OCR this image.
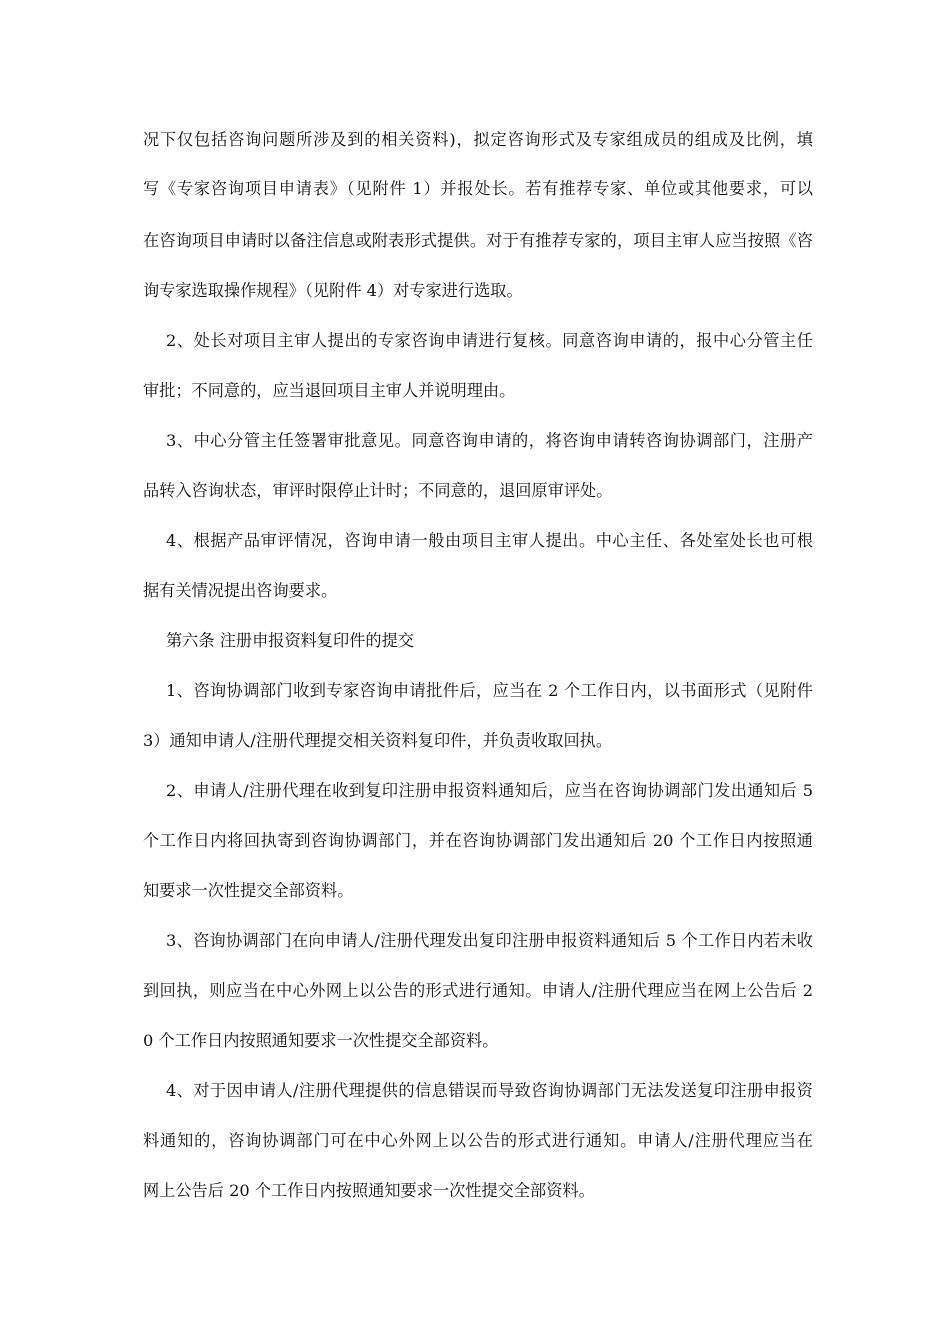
况下仅包括咨询问题所涉及到的相关资料)，拟定咨询形式及专家组成员的组成及比例，填
写《专家咨询项目申请表》（见附件 1）并报处长。若有推荐专家、单位或其他要求，可以
在咨询项目申请时以备注信息或附表形式提供。对于有推荐专家的，项目主审人应当按照《咨
询专家选取操作规程》（见附件 4）对专家进行选取。
2、处长对项目主审人提出的专家咨询申请进行复核。同意咨询申请的，报中心分管主任
审批；不同意的，应当退回项目主审人并说明理由。
3、中心分管主任签署审批意见。同意咨询申请的，将咨询申请转咨询协调部门，注册产
品转入咨询状态，审评时限停止计时；不同意的，退回原审评处。
4、根据产品审评情况，咨询申请一般由项目主审人提出。中心主任、各处室处长也可根
据有关情况提出咨询要求。
第六条 注册申报资料复印件的提交
1、咨询协调部门收到专家咨询申请批件后，应当在 2 个工作日内，以书面形式（见附件
3）通知申请人/注册代理提交相关资料复印件，并负责收取回执。
2、申请人/注册代理在收到复印注册申报资料通知后，应当在咨询协调部门发出通知后 5
个工作日内将回执寄到咨询协调部门，并在咨询协调部门发出通知后 20 个工作日内按照通
知要求一次性提交全部资料。
3、咨询协调部门在向申请人/注册代理发出复印注册申报资料通知后 5 个工作日内若未收
到回执，则应当在中心外网上以公告的形式进行通知。申请人/注册代理应当在网上公告后 2
0 个工作日内按照通知要求一次性提交全部资料。
4、对于因申请人/注册代理提供的信息错误而导致咨询协调部门无法发送复印注册申报资
料通知的，咨询协调部门可在中心外网上以公告的形式进行通知。申请人/注册代理应当在
网上公告后 20 个工作日内按照通知要求一次性提交全部资料。
